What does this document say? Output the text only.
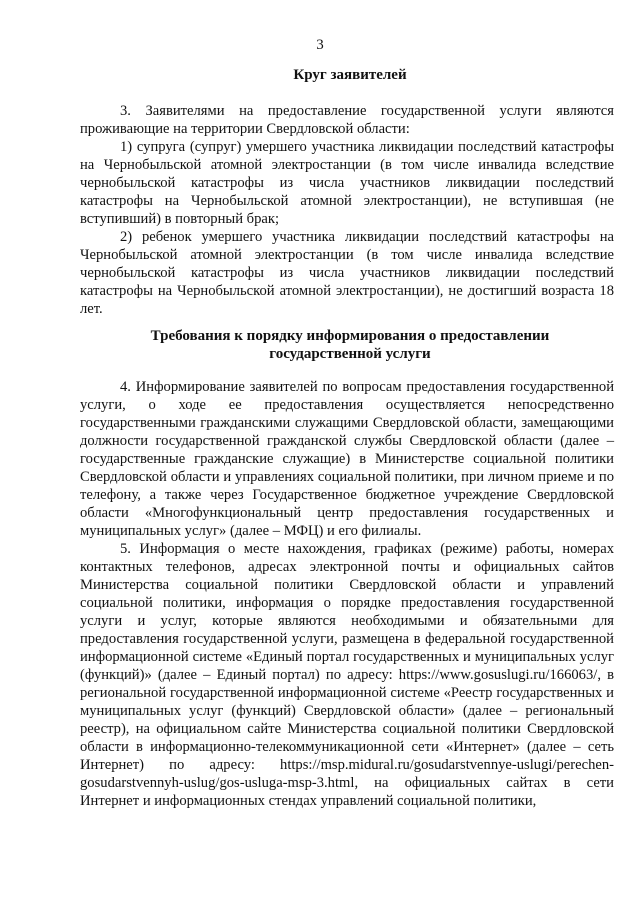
3
Круг заявителей

3. Заявителями на предоставление государственной услуги являются проживающие на территории Свердловской области:

1) супруга (супруг) умершего участника ликвидации последствий катастрофы на Чернобыльской атомной электростанции (в том числе инвалида вследствие чернобыльской катастрофы из числа участников ликвидации последствий катастрофы на Чернобыльской атомной электростанции), не вступившая (не вступивший) в повторный брак;

2) ребенок умершего участника ликвидации последствий катастрофы на Чернобыльской атомной электростанции (в том числе инвалида вследствие чернобыльской катастрофы из числа участников ликвидации последствий катастрофы на Чернобыльской атомной электростанции), не достигший возраста 18 лет.

Требования к порядку информирования о предоставлении
государственной услуги

4. Информирование заявителей по вопросам предоставления государственной услуги, о ходе ее предоставления осуществляется непосредственно государственными гражданскими служащими Свердловской области, замещающими должности государственной гражданской службы Свердловской области (далее – государственные гражданские служащие) в Министерстве социальной политики Свердловской области и управлениях социальной политики, при личном приеме и по телефону, а также через Государственное бюджетное учреждение Свердловской области «Многофункциональный центр предоставления государственных и муниципальных услуг» (далее – МФЦ) и его филиалы.

5. Информация о месте нахождения, графиках (режиме) работы, номерах контактных телефонов, адресах электронной почты и официальных сайтов Министерства социальной политики Свердловской области и управлений социальной политики, информация о порядке предоставления государственной услуги и услуг, которые являются необходимыми и обязательными для предоставления государственной услуги, размещена в федеральной государственной информационной системе «Единый портал государственных и муниципальных услуг (функций)» (далее – Единый портал) по адресу: https://www.gosuslugi.ru/166063/, в региональной государственной информационной системе «Реестр государственных и муниципальных услуг (функций) Свердловской области» (далее – региональный реестр), на официальном сайте Министерства социальной политики Свердловской области в информационно-телекоммуникационной сети «Интернет» (далее – сеть Интернет) по адресу: https://msp.midural.ru/gosudarstvennye-uslugi/perechen-gosudarstvennyh-uslug/gos-usluga-msp-3.html, на официальных сайтах в сети Интернет и информационных стендах управлений социальной политики,
